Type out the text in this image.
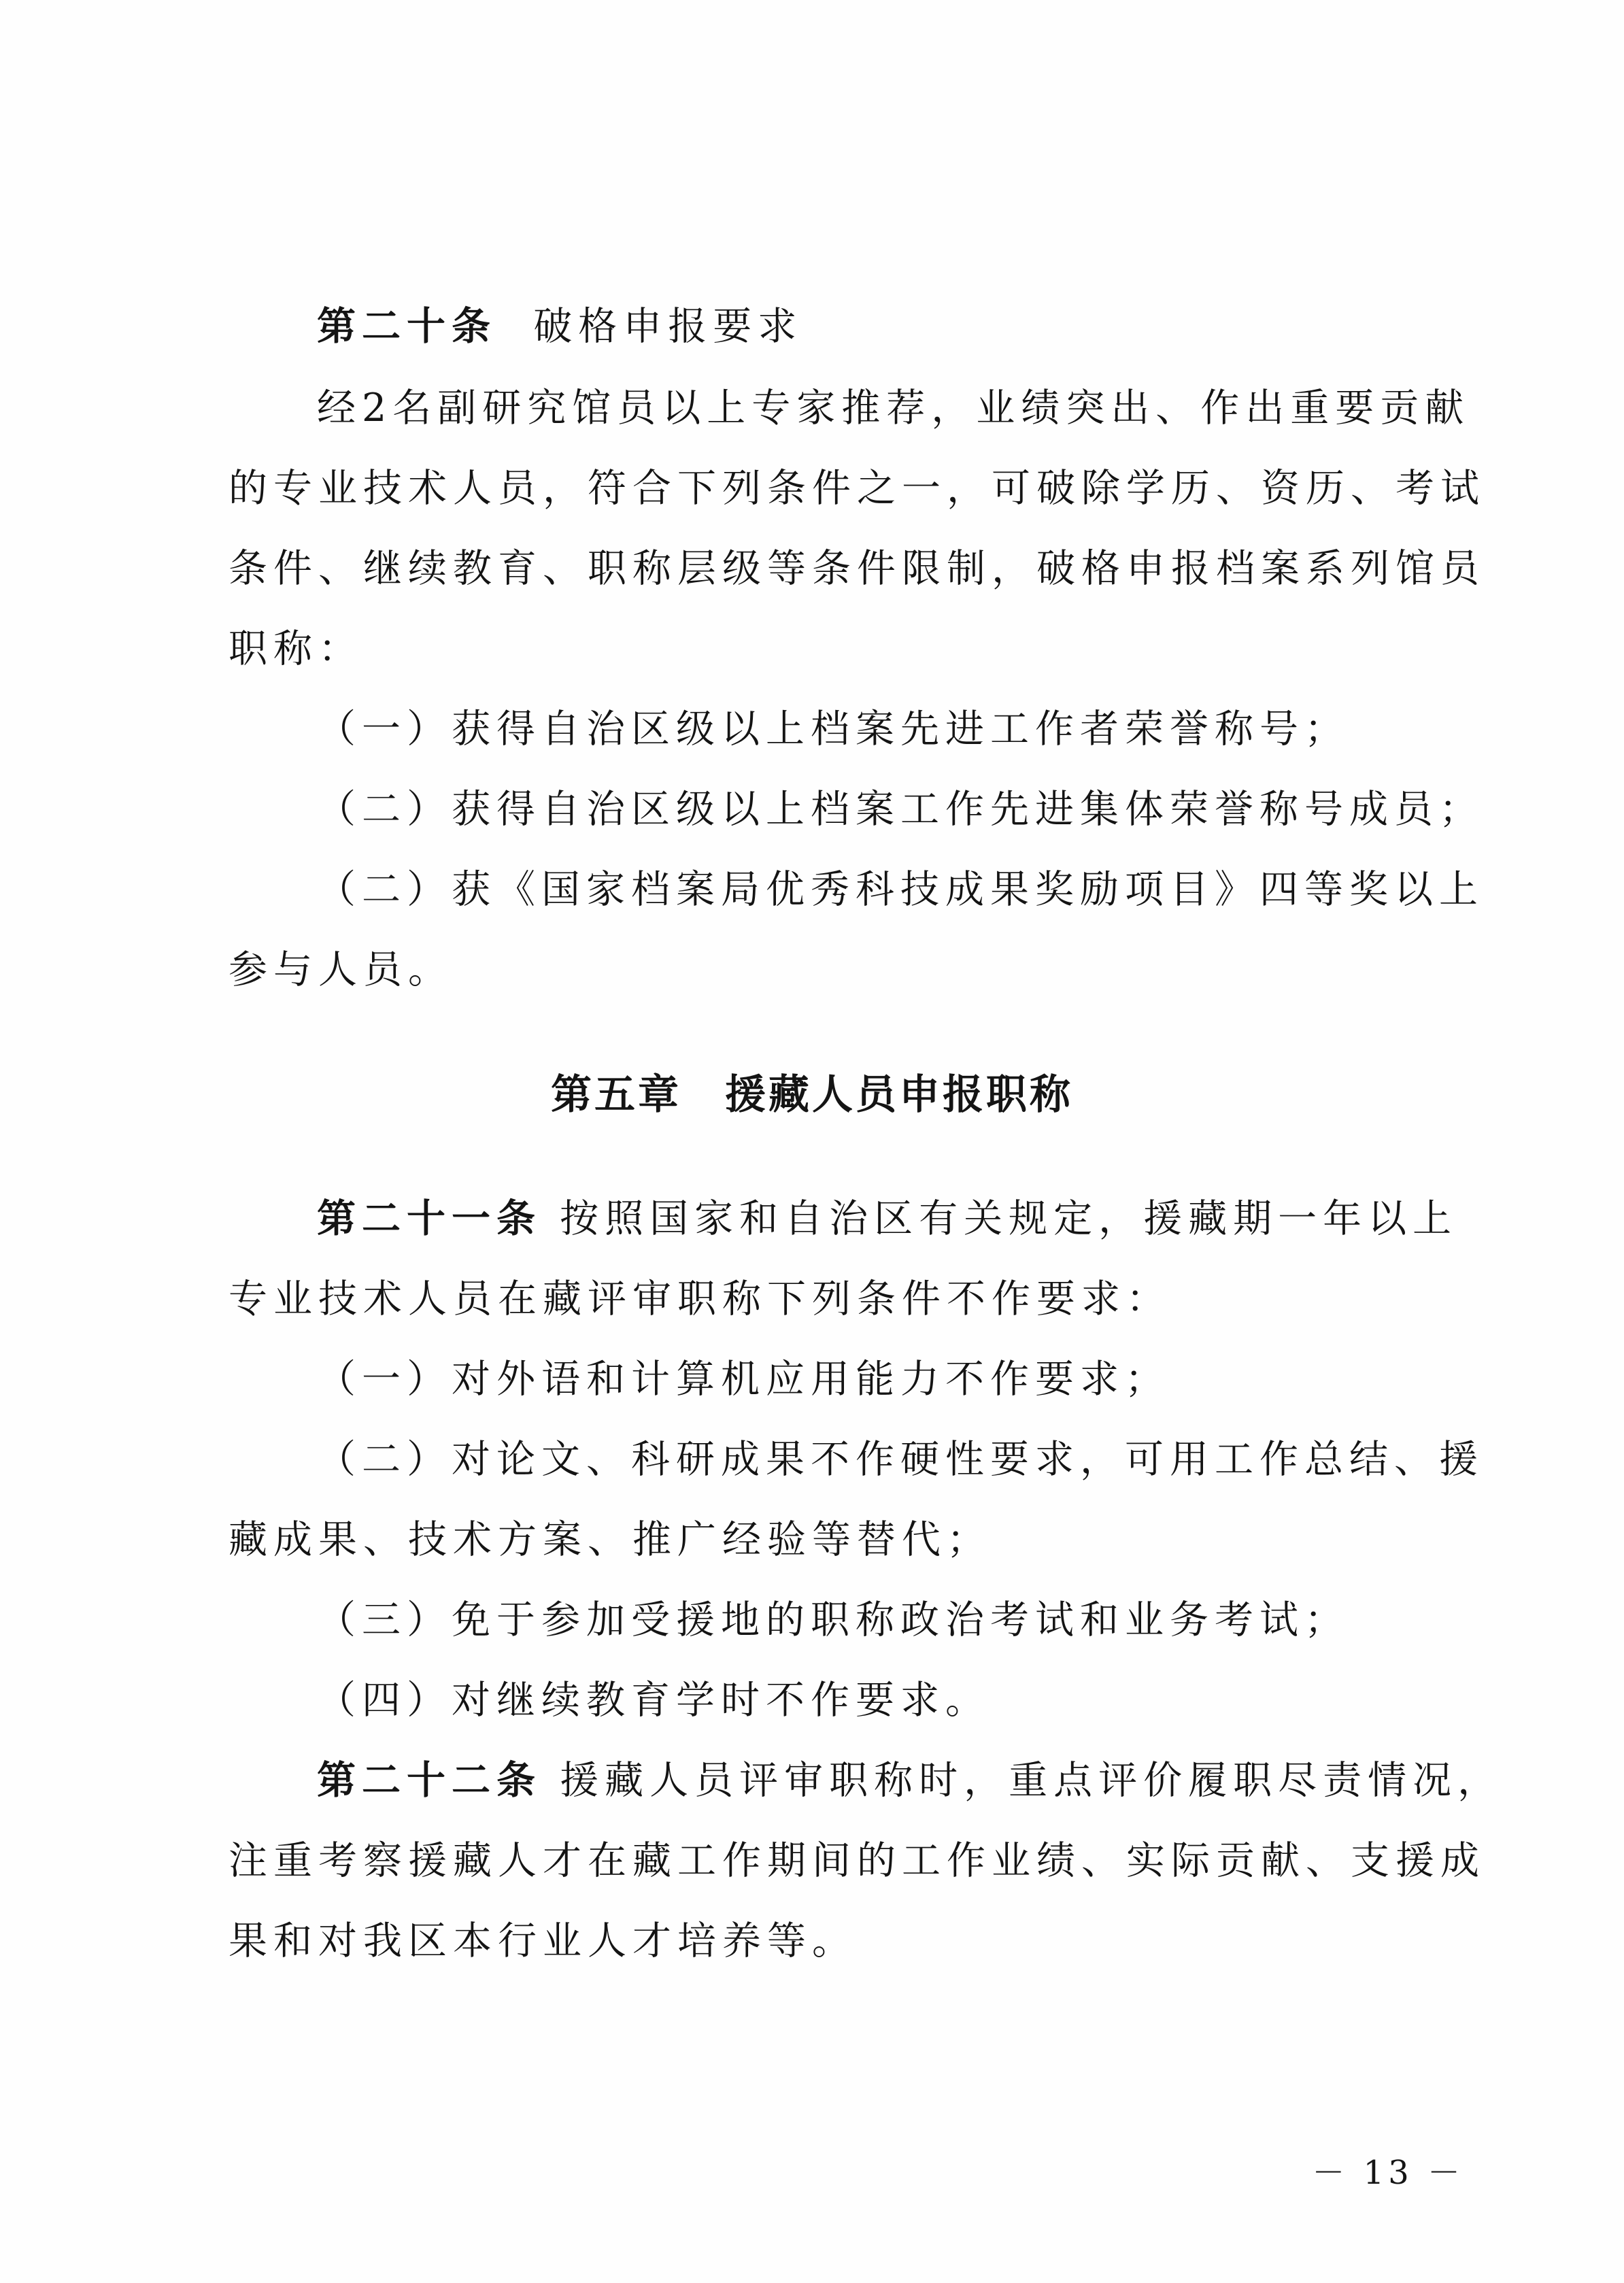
第二十条 破格申报要求
经2名副研究馆员以上专家推荐，业绩突出、作出重要贡献
的专业技术人员，符合下列条件之一，可破除学历、资历、考试
条件、继续教育、职称层级等条件限制，破格申报档案系列馆员
职称：
（一）获得自治区级以上档案先进工作者荣誉称号；
（二）获得自治区级以上档案工作先进集体荣誉称号成员；
（二）获《国家档案局优秀科技成果奖励项目》四等奖以上
参与人员。
第五章　援藏人员申报职称
第二十一条 按照国家和自治区有关规定，援藏期一年以上
专业技术人员在藏评审职称下列条件不作要求：
（一）对外语和计算机应用能力不作要求；
（二）对论文、科研成果不作硬性要求，可用工作总结、援
藏成果、技术方案、推广经验等替代；
（三）免于参加受援地的职称政治考试和业务考试；
（四）对继续教育学时不作要求。
第二十二条 援藏人员评审职称时，重点评价履职尽责情况，
注重考察援藏人才在藏工作期间的工作业绩、实际贡献、支援成
果和对我区本行业人才培养等。
－ 13 －
